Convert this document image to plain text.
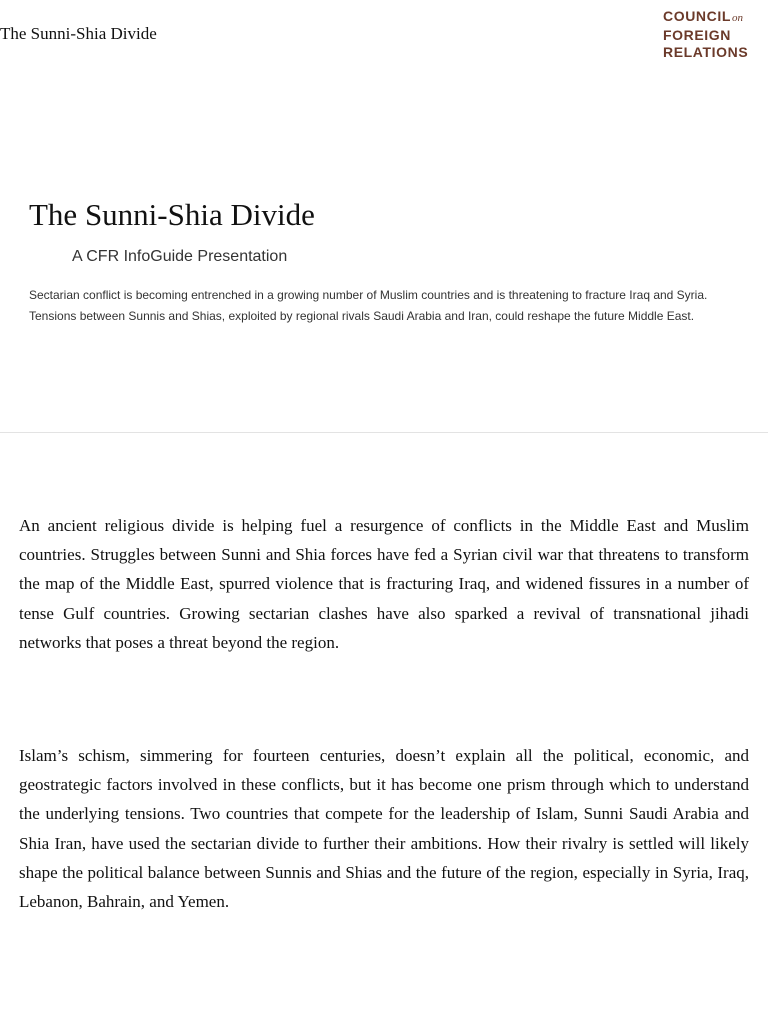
The Sunni-Shia Divide
COUNCILon
FOREIGN
RELATIONS
The Sunni-Shia Divide
A CFR InfoGuide Presentation

Sectarian conflict is becoming entrenched in a growing number of Muslim countries and is threatening to fracture Iraq and Syria. Tensions between Sunnis and Shias, exploited by regional rivals Saudi Arabia and Iran, could reshape the future Middle East.

An ancient religious divide is helping fuel a resurgence of conflicts in the Middle East and Muslim countries. Struggles between Sunni and Shia forces have fed a Syrian civil war that threatens to transform the map of the Middle East, spurred violence that is fracturing Iraq, and widened fissures in a number of tense Gulf countries. Growing sectarian clashes have also sparked a revival of transnational jihadi networks that poses a threat beyond the region.

Islam’s schism, simmering for fourteen centuries, doesn’t explain all the political, economic, and geostrategic factors involved in these conflicts, but it has become one prism through which to understand the underlying tensions. Two countries that compete for the leadership of Islam, Sunni Saudi Arabia and Shia Iran, have used the sectarian divide to further their ambitions. How their rivalry is settled will likely shape the political balance between Sunnis and Shias and the future of the region, especially in Syria, Iraq, Lebanon, Bahrain, and Yemen.
